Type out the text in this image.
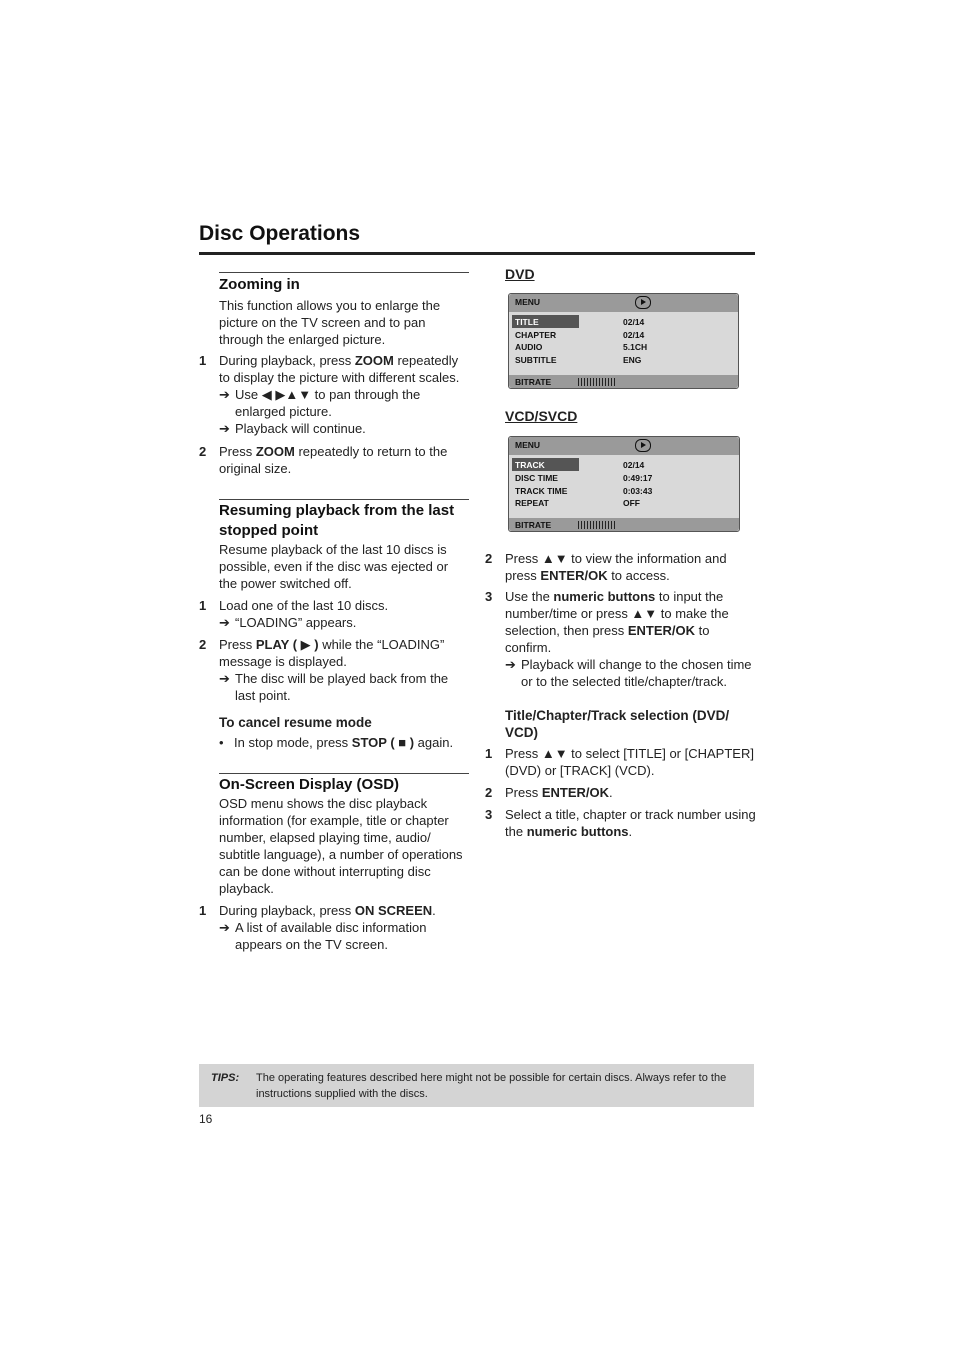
Disc Operations
Zooming in
This function allows you to enlarge the picture on the TV screen and to pan through the enlarged picture.
1 During playback, press ZOOM repeatedly to display the picture with different scales.
➔ Use ◀ ▶▲▼ to pan through the enlarged picture.
➔ Playback will continue.
2 Press ZOOM repeatedly to return to the original size.
Resuming playback from the last stopped point
Resume playback of the last 10 discs is possible, even if the disc was ejected or the power switched off.
1 Load one of the last 10 discs.
➔ “LOADING” appears.
2 Press PLAY ( ▶ ) while the “LOADING” message is displayed.
➔ The disc will be played back from the last point.
To cancel resume mode
• In stop mode, press STOP ( ■ ) again.
On-Screen Display (OSD)
OSD menu shows the disc playback information (for example, title or chapter number, elapsed playing time, audio/ subtitle language), a number of operations can be done without interrupting disc playback.
1 During playback, press ON SCREEN.
➔ A list of available disc information appears on the TV screen.
DVD
VCD/SVCD
MENU
TITLE	02/14
CHAPTER	02/14
AUDIO	5.1CH
SUBTITLE	ENG
BITRATE
MENU
TRACK	02/14
DISC TIME	0:49:17
TRACK TIME	0:03:43
REPEAT	OFF
BITRATE
2 Press ▲▼ to view the information and press ENTER/OK to access.
3 Use the numeric buttons to input the number/time or press ▲▼ to make the selection, then press ENTER/OK to confirm.
➔ Playback will change to the chosen time or to the selected title/chapter/track.
Title/Chapter/Track selection (DVD/ VCD)
1 Press ▲▼ to select [TITLE] or [CHAPTER] (DVD) or [TRACK] (VCD).
2 Press ENTER/OK.
3 Select a title, chapter or track number using the numeric buttons.
TIPS: The operating features described here might not be possible for certain discs. Always refer to the instructions supplied with the discs.
16
